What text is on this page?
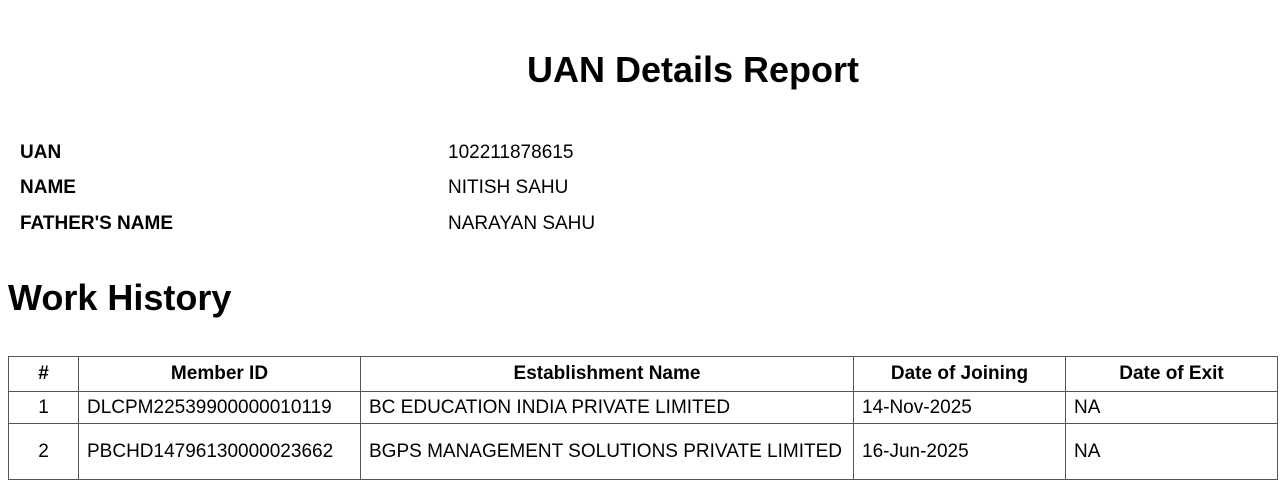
UAN Details Report
UAN	102211878615
NAME	NITISH SAHU
FATHER'S NAME	NARAYAN SAHU
Work History
#	Member ID	Establishment Name	Date of Joining	Date of Exit
1	DLCPM22539900000010119	BC EDUCATION INDIA PRIVATE LIMITED	14-Nov-2025	NA
2	PBCHD14796130000023662	BGPS MANAGEMENT SOLUTIONS PRIVATE LIMITED	16-Jun-2025	NA
